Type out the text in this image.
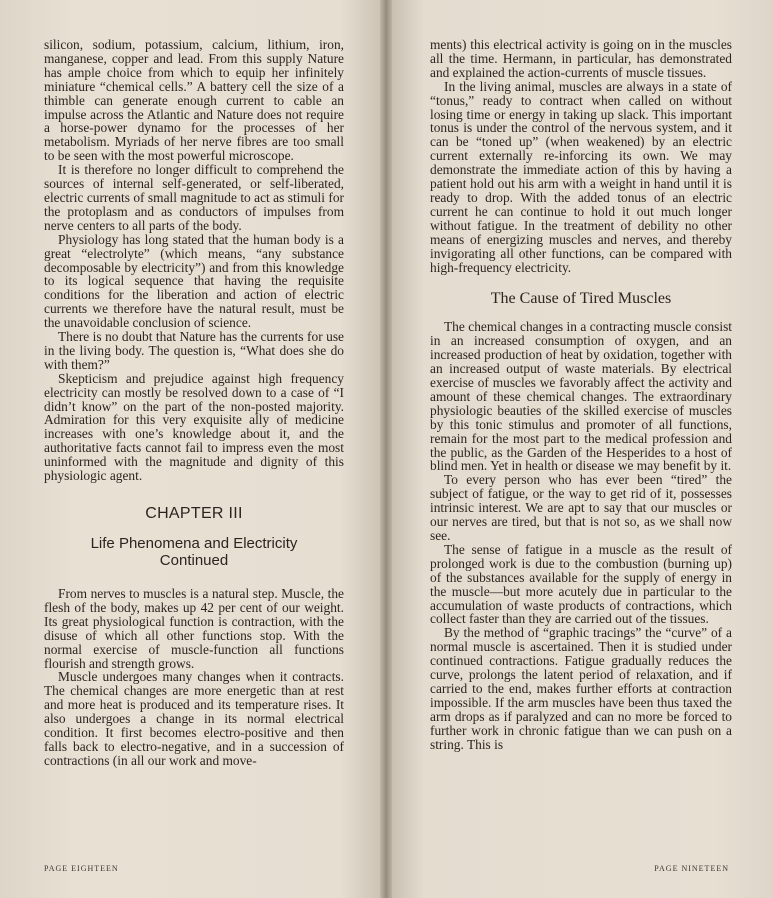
silicon, sodium, potassium, calcium, lithium, iron, manganese, copper and lead. From this supply Nature has ample choice from which to equip her infinitely miniature “chemical cells.” A battery cell the size of a thimble can generate enough current to cable an impulse across the Atlantic and Nature does not require a horse-power dynamo for the processes of her metabolism. Myriads of her nerve fibres are too small to be seen with the most powerful microscope.

It is therefore no longer difficult to comprehend the sources of internal self-generated, or self-liberated, electric currents of small magnitude to act as stimuli for the protoplasm and as conductors of impulses from nerve centers to all parts of the body.

Physiology has long stated that the human body is a great “electrolyte” (which means, “any substance decomposable by electricity”) and from this knowledge to its logical sequence that having the requisite conditions for the liberation and action of electric currents we therefore have the natural result, must be the unavoidable conclusion of science.

There is no doubt that Nature has the currents for use in the living body. The question is, “What does she do with them?”

Skepticism and prejudice against high frequency electricity can mostly be resolved down to a case of “I didn’t know” on the part of the non-posted majority. Admiration for this very exquisite ally of medicine increases with one’s knowledge about it, and the authoritative facts cannot fail to impress even the most uninformed with the magnitude and dignity of this physiologic agent.

CHAPTER III
Life Phenomena and Electricity
Continued

From nerves to muscles is a natural step. Muscle, the flesh of the body, makes up 42 per cent of our weight. Its great physiological function is contraction, with the disuse of which all other functions stop. With the normal exercise of muscle-function all functions flourish and strength grows.

Muscle undergoes many changes when it contracts. The chemical changes are more energetic than at rest and more heat is produced and its temperature rises. It also undergoes a change in its normal electrical condition. It first becomes electro-positive and then falls back to electro-negative, and in a succession of contractions (in all our work and move-

PAGE EIGHTEEN

ments) this electrical activity is going on in the muscles all the time. Hermann, in particular, has demonstrated and explained the action-currents of muscle tissues.

In the living animal, muscles are always in a state of “tonus,” ready to contract when called on without losing time or energy in taking up slack. This important tonus is under the control of the nervous system, and it can be “toned up” (when weakened) by an electric current externally re-inforcing its own. We may demonstrate the immediate action of this by having a patient hold out his arm with a weight in hand until it is ready to drop. With the added tonus of an electric current he can continue to hold it out much longer without fatigue. In the treatment of debility no other means of energizing muscles and nerves, and thereby invigorating all other functions, can be compared with high-frequency electricity.

The Cause of Tired Muscles

The chemical changes in a contracting muscle consist in an increased consumption of oxygen, and an increased production of heat by oxidation, together with an increased output of waste materials. By electrical exercise of muscles we favorably affect the activity and amount of these chemical changes. The extraordinary physiologic beauties of the skilled exercise of muscles by this tonic stimulus and promoter of all functions, remain for the most part to the medical profession and the public, as the Garden of the Hesperides to a host of blind men. Yet in health or disease we may benefit by it.

To every person who has ever been “tired” the subject of fatigue, or the way to get rid of it, possesses intrinsic interest. We are apt to say that our muscles or our nerves are tired, but that is not so, as we shall now see.

The sense of fatigue in a muscle as the result of prolonged work is due to the combustion (burning up) of the substances available for the supply of energy in the muscle—but more acutely due in particular to the accumulation of waste products of contractions, which collect faster than they are carried out of the tissues.

By the method of “graphic tracings” the “curve” of a normal muscle is ascertained. Then it is studied under continued contractions. Fatigue gradually reduces the curve, prolongs the latent period of relaxation, and if carried to the end, makes further efforts at contraction impossible. If the arm muscles have been thus taxed the arm drops as if paralyzed and can no more be forced to further work in chronic fatigue than we can push on a string. This is

PAGE NINETEEN
